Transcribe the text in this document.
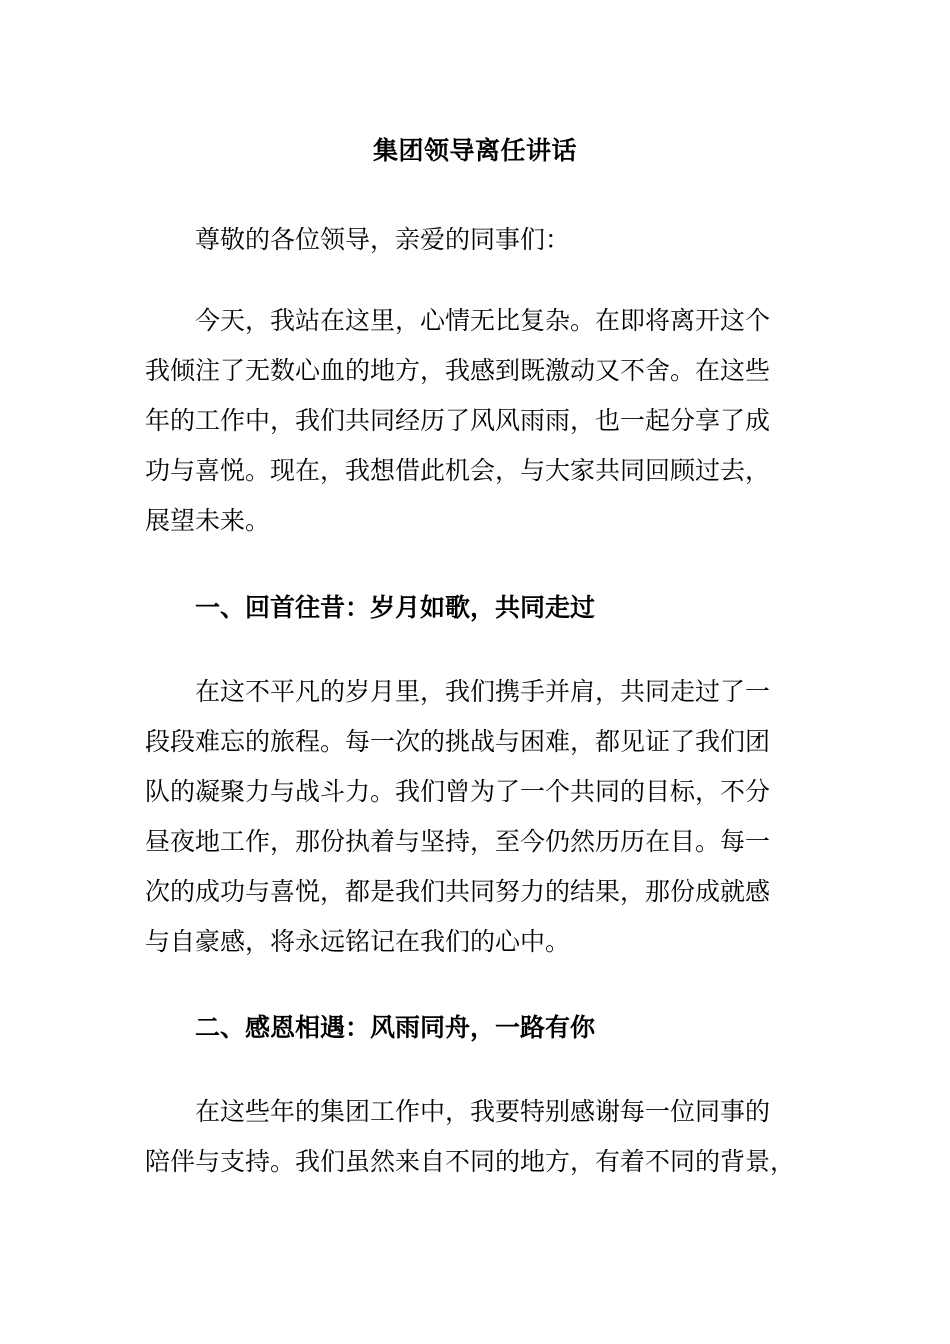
集团领导离任讲话
尊敬的各位领导，亲爱的同事们：
今天，我站在这里，心情无比复杂。在即将离开这个
我倾注了无数心血的地方，我感到既激动又不舍。在这些
年的工作中，我们共同经历了风风雨雨，也一起分享了成
功与喜悦。现在，我想借此机会，与大家共同回顾过去，
展望未来。
一、回首往昔：岁月如歌，共同走过
在这不平凡的岁月里，我们携手并肩，共同走过了一
段段难忘的旅程。每一次的挑战与困难，都见证了我们团
队的凝聚力与战斗力。我们曾为了一个共同的目标，不分
昼夜地工作，那份执着与坚持，至今仍然历历在目。每一
次的成功与喜悦，都是我们共同努力的结果，那份成就感
与自豪感，将永远铭记在我们的心中。
二、感恩相遇：风雨同舟，一路有你
在这些年的集团工作中，我要特别感谢每一位同事的
陪伴与支持。我们虽然来自不同的地方，有着不同的背景，
